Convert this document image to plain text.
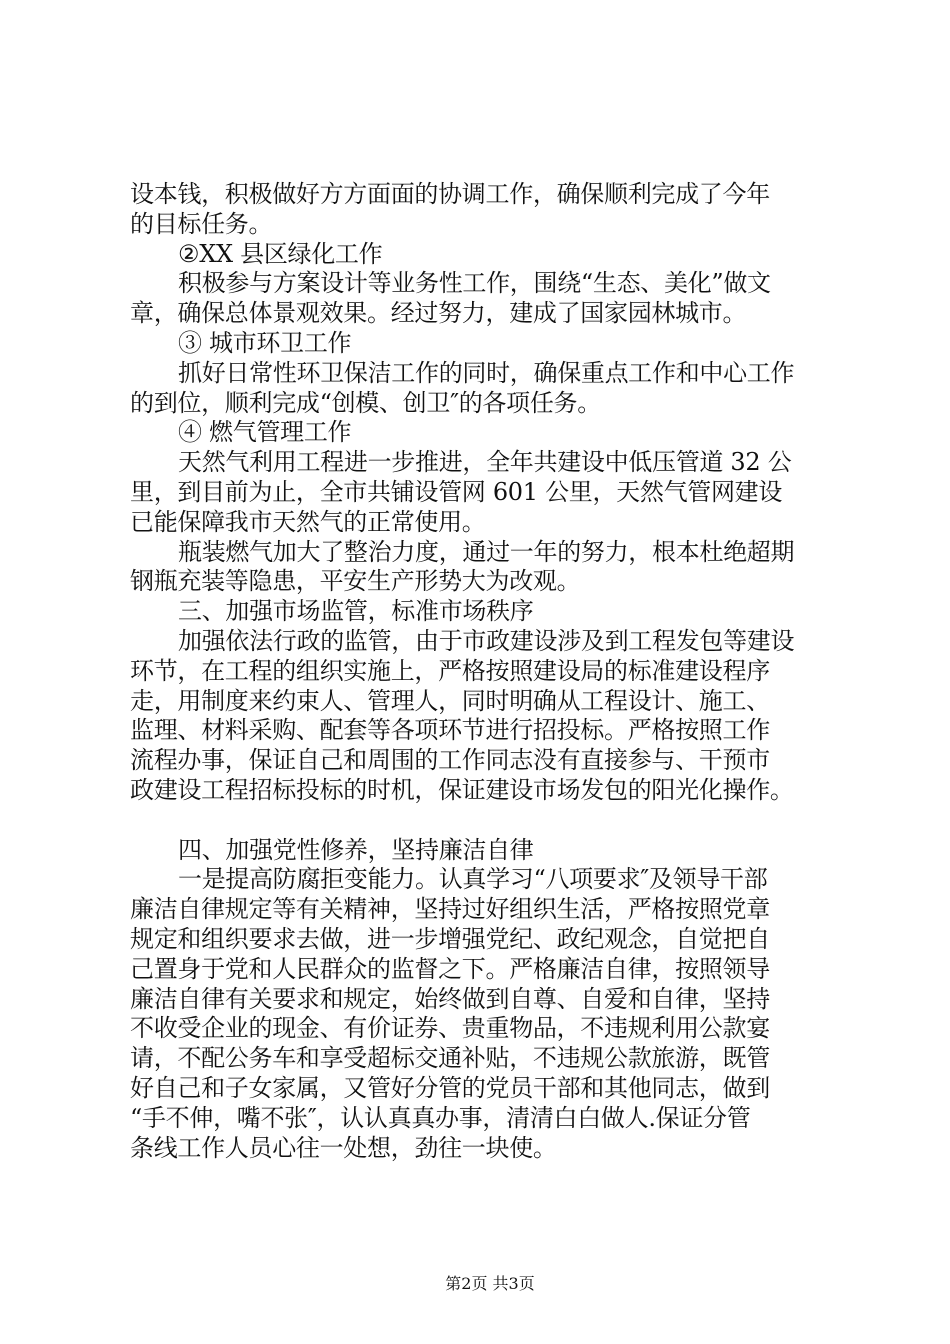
设本钱，积极做好方方面面的协调工作，确保顺利完成了今年
的目标任务。
②XX 县区绿化工作
积极参与方案设计等业务性工作，围绕“生态、美化”做文
章，确保总体景观效果。经过努力，建成了国家园林城市。
③ 城市环卫工作
抓好日常性环卫保洁工作的同时，确保重点工作和中心工作
的到位，顺利完成“创模、创卫″的各项任务。
④ 燃气管理工作
天然气利用工程进一步推进，全年共建设中低压管道 32 公
里，到目前为止，全市共铺设管网 601 公里，天然气管网建设
已能保障我市天然气的正常使用。
瓶装燃气加大了整治力度，通过一年的努力，根本杜绝超期
钢瓶充装等隐患，平安生产形势大为改观。
三、加强市场监管，标准市场秩序
加强依法行政的监管，由于市政建设涉及到工程发包等建设
环节，在工程的组织实施上，严格按照建设局的标准建设程序
走，用制度来约束人、管理人，同时明确从工程设计、施工、
监理、材料采购、配套等各项环节进行招投标。严格按照工作
流程办事，保证自己和周围的工作同志没有直接参与、干预市
政建设工程招标投标的时机，保证建设市场发包的阳光化操作。
四、加强党性修养，坚持廉洁自律
一是提高防腐拒变能力。认真学习“八项要求″及领导干部
廉洁自律规定等有关精神，坚持过好组织生活，严格按照党章
规定和组织要求去做，进一步增强党纪、政纪观念，自觉把自
己置身于党和人民群众的监督之下。严格廉洁自律，按照领导
廉洁自律有关要求和规定，始终做到自尊、自爱和自律，坚持
不收受企业的现金、有价证券、贵重物品，不违规利用公款宴
请，不配公务车和享受超标交通补贴，不违规公款旅游，既管
好自己和子女家属，又管好分管的党员干部和其他同志，做到
“手不伸，嘴不张″，认认真真办事，清清白白做人.保证分管
条线工作人员心往一处想，劲往一块使。
第2页 共3页
